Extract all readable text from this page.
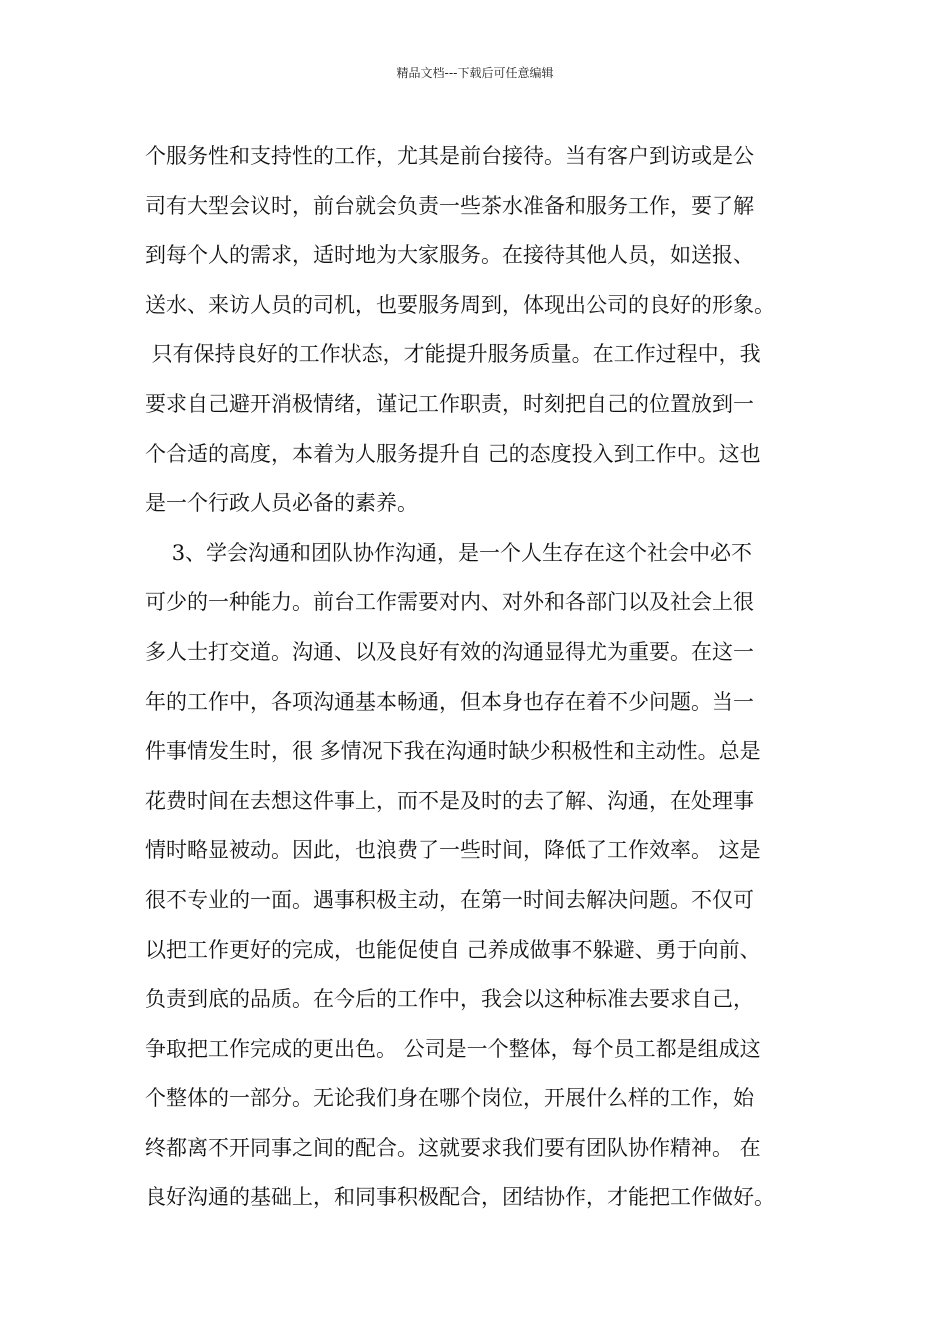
精品文档---下载后可任意编辑
个服务性和支持性的工作，尤其是前台接待。当有客户到访或是公
司有大型会议时，前台就会负责一些茶水准备和服务工作，要了解
到每个人的需求，适时地为大家服务。在接待其他人员，如送报、
送水、来访人员的司机，也要服务周到，体现出公司的良好的形象。
只有保持良好的工作状态，才能提升服务质量。在工作过程中，我
要求自己避开消极情绪，谨记工作职责，时刻把自己的位置放到一
个合适的高度，本着为人服务提升自 己的态度投入到工作中。这也
是一个行政人员必备的素养。
3、学会沟通和团队协作沟通，是一个人生存在这个社会中必不
可少的一种能力。前台工作需要对内、对外和各部门以及社会上很
多人士打交道。沟通、以及良好有效的沟通显得尤为重要。在这一
年的工作中，各项沟通基本畅通，但本身也存在着不少问题。当一
件事情发生时，很 多情况下我在沟通时缺少积极性和主动性。总是
花费时间在去想这件事上，而不是及时的去了解、沟通，在处理事
情时略显被动。因此，也浪费了一些时间，降低了工作效率。 这是
很不专业的一面。遇事积极主动，在第一时间去解决问题。不仅可
以把工作更好的完成，也能促使自 己养成做事不躲避、勇于向前、
负责到底的品质。在今后的工作中，我会以这种标准去要求自己，
争取把工作完成的更出色。 公司是一个整体，每个员工都是组成这
个整体的一部分。无论我们身在哪个岗位，开展什么样的工作，始
终都离不开同事之间的配合。这就要求我们要有团队协作精神。 在
良好沟通的基础上，和同事积极配合，团结协作，才能把工作做好。
